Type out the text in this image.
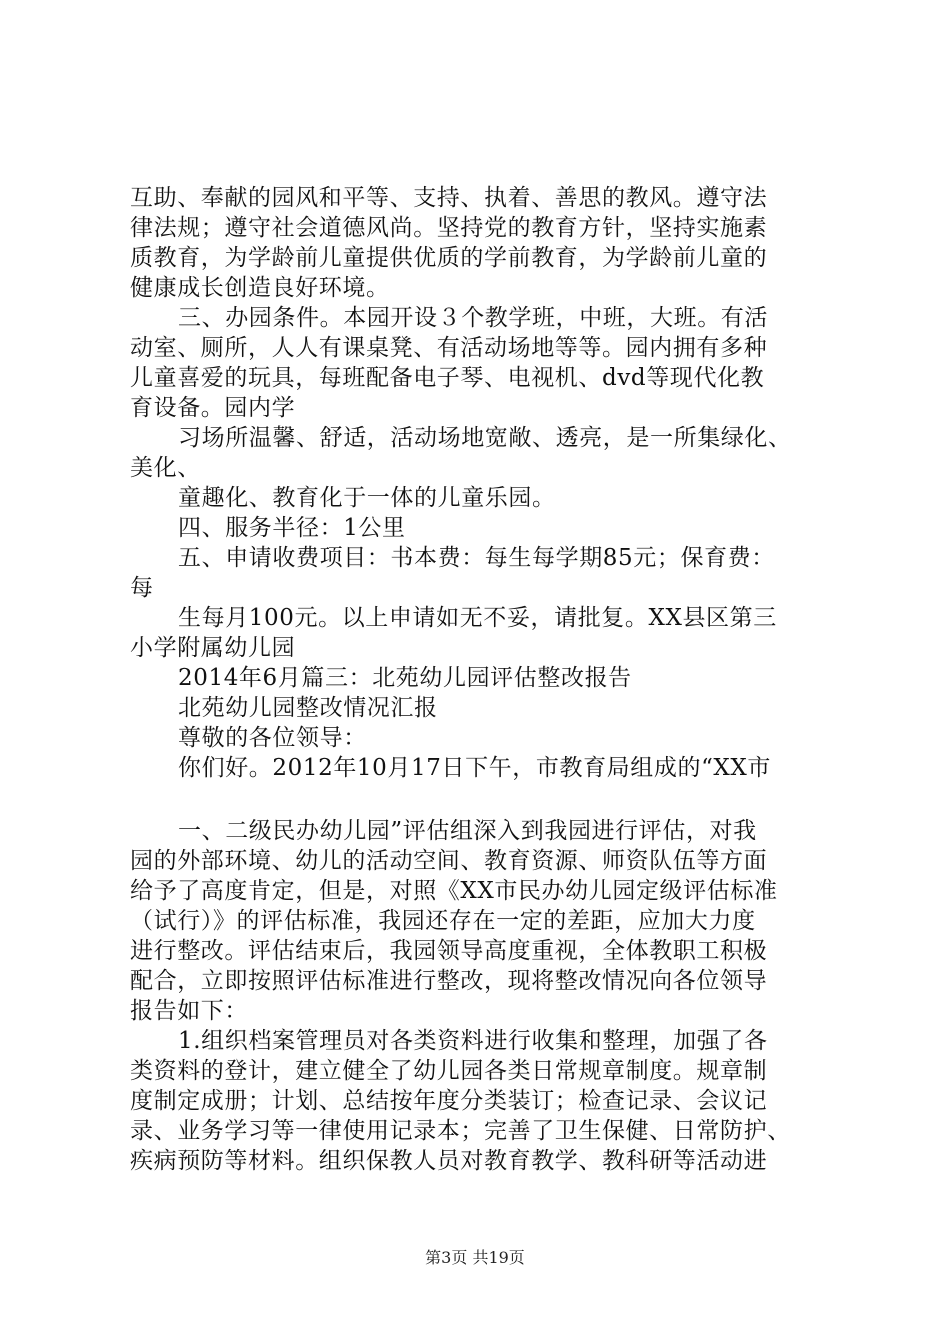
互助、奉献的园风和平等、支持、执着、善思的教风。遵守法
律法规；遵守社会道德风尚。坚持党的教育方针，坚持实施素
质教育，为学龄前儿童提供优质的学前教育，为学龄前儿童的
健康成长创造良好环境。
三、办园条件。本园开设３个教学班，中班，大班。有活
动室、厕所，人人有课桌凳、有活动场地等等。园内拥有多种
儿童喜爱的玩具，每班配备电子琴、电视机、dvd等现代化教
育设备。园内学
习场所温馨、舒适，活动场地宽敞、透亮，是一所集绿化、
美化、
童趣化、教育化于一体的儿童乐园。
四、服务半径：1公里
五、申请收费项目：书本费：每生每学期85元；保育费：
每
生每月100元。以上申请如无不妥，请批复。XX县区第三
小学附属幼儿园
2014年6月篇三：北苑幼儿园评估整改报告
北苑幼儿园整改情况汇报
尊敬的各位领导：
你们好。2012年10月17日下午，市教育局组成的“XX市
一、二级民办幼儿园”评估组深入到我园进行评估，对我
园的外部环境、幼儿的活动空间、教育资源、师资队伍等方面
给予了高度肯定，但是，对照《XX市民办幼儿园定级评估标准
（试行）》的评估标准，我园还存在一定的差距，应加大力度
进行整改。评估结束后，我园领导高度重视，全体教职工积极
配合，立即按照评估标准进行整改，现将整改情况向各位领导
报告如下：
1.组织档案管理员对各类资料进行收集和整理，加强了各
类资料的登计，建立健全了幼儿园各类日常规章制度。规章制
度制定成册；计划、总结按年度分类装订；检查记录、会议记
录、业务学习等一律使用记录本；完善了卫生保健、日常防护、
疾病预防等材料。组织保教人员对教育教学、教科研等活动进
第3页 共19页
